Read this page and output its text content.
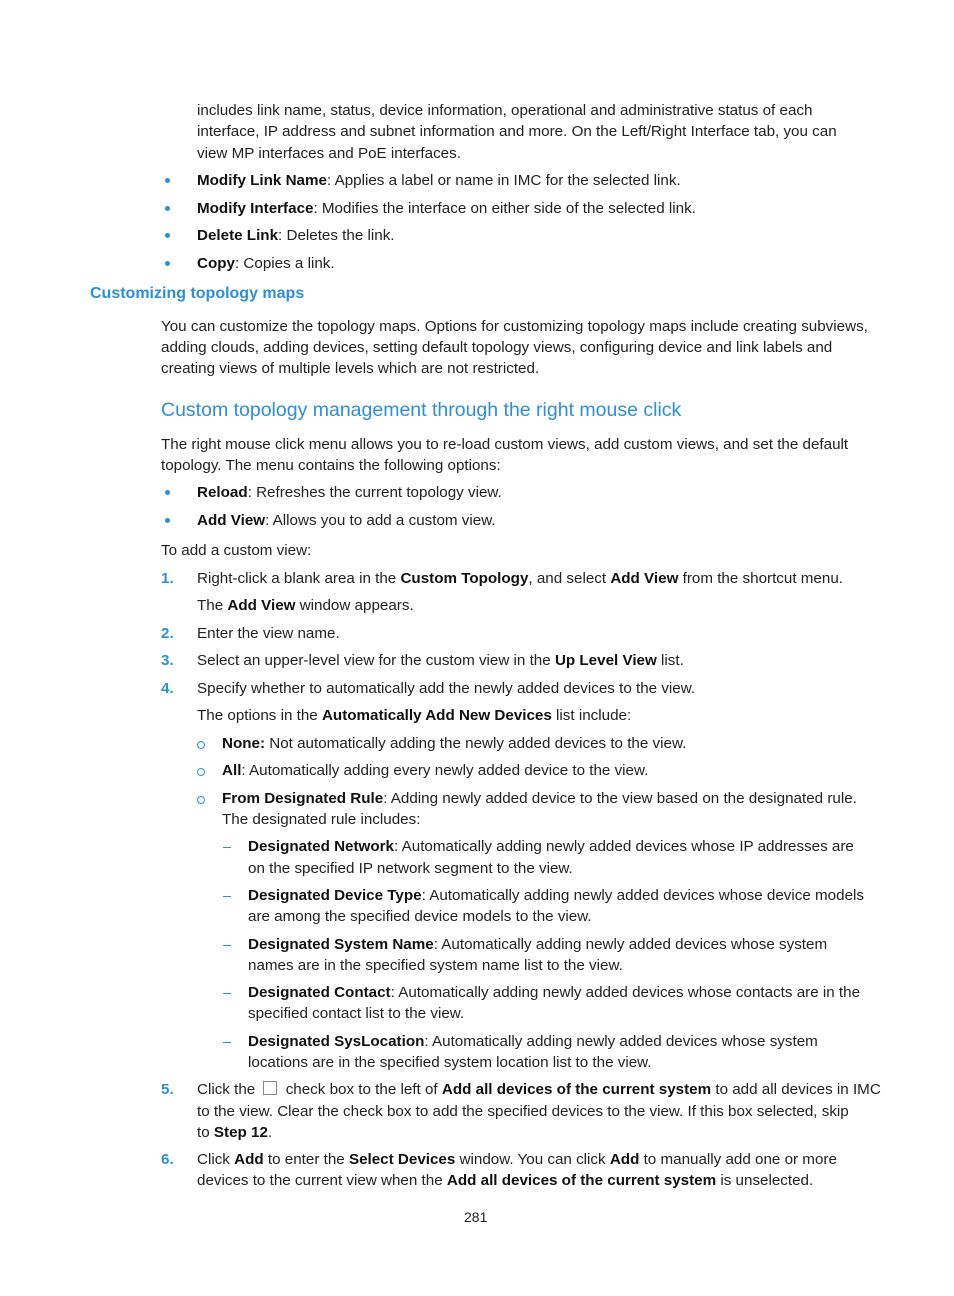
includes link name, status, device information, operational and administrative status of each
interface, IP address and subnet information and more. On the Left/Right Interface tab, you can
view MP interfaces and PoE interfaces.
Modify Link Name: Applies a label or name in IMC for the selected link.
Modify Interface: Modifies the interface on either side of the selected link.
Delete Link: Deletes the link.
Copy: Copies a link.
Customizing topology maps
You can customize the topology maps. Options for customizing topology maps include creating subviews,
adding clouds, adding devices, setting default topology views, configuring device and link labels and
creating views of multiple levels which are not restricted.
Custom topology management through the right mouse click
The right mouse click menu allows you to re-load custom views, add custom views, and set the default
topology. The menu contains the following options:
Reload: Refreshes the current topology view.
Add View: Allows you to add a custom view.
To add a custom view:
1. Right-click a blank area in the Custom Topology, and select Add View from the shortcut menu.
The Add View window appears.
2. Enter the view name.
3. Select an upper-level view for the custom view in the Up Level View list.
4. Specify whether to automatically add the newly added devices to the view.
The options in the Automatically Add New Devices list include:
None: Not automatically adding the newly added devices to the view.
All: Automatically adding every newly added device to the view.
From Designated Rule: Adding newly added device to the view based on the designated rule.
The designated rule includes:
Designated Network: Automatically adding newly added devices whose IP addresses are
on the specified IP network segment to the view.
Designated Device Type: Automatically adding newly added devices whose device models
are among the specified device models to the view.
Designated System Name: Automatically adding newly added devices whose system
names are in the specified system name list to the view.
Designated Contact: Automatically adding newly added devices whose contacts are in the
specified contact list to the view.
Designated SysLocation: Automatically adding newly added devices whose system
locations are in the specified system location list to the view.
5. Click the  check box to the left of Add all devices of the current system to add all devices in IMC
to the view. Clear the check box to add the specified devices to the view. If this box selected, skip
to Step 12.
6. Click Add to enter the Select Devices window. You can click Add to manually add one or more
devices to the current view when the Add all devices of the current system is unselected.
281
